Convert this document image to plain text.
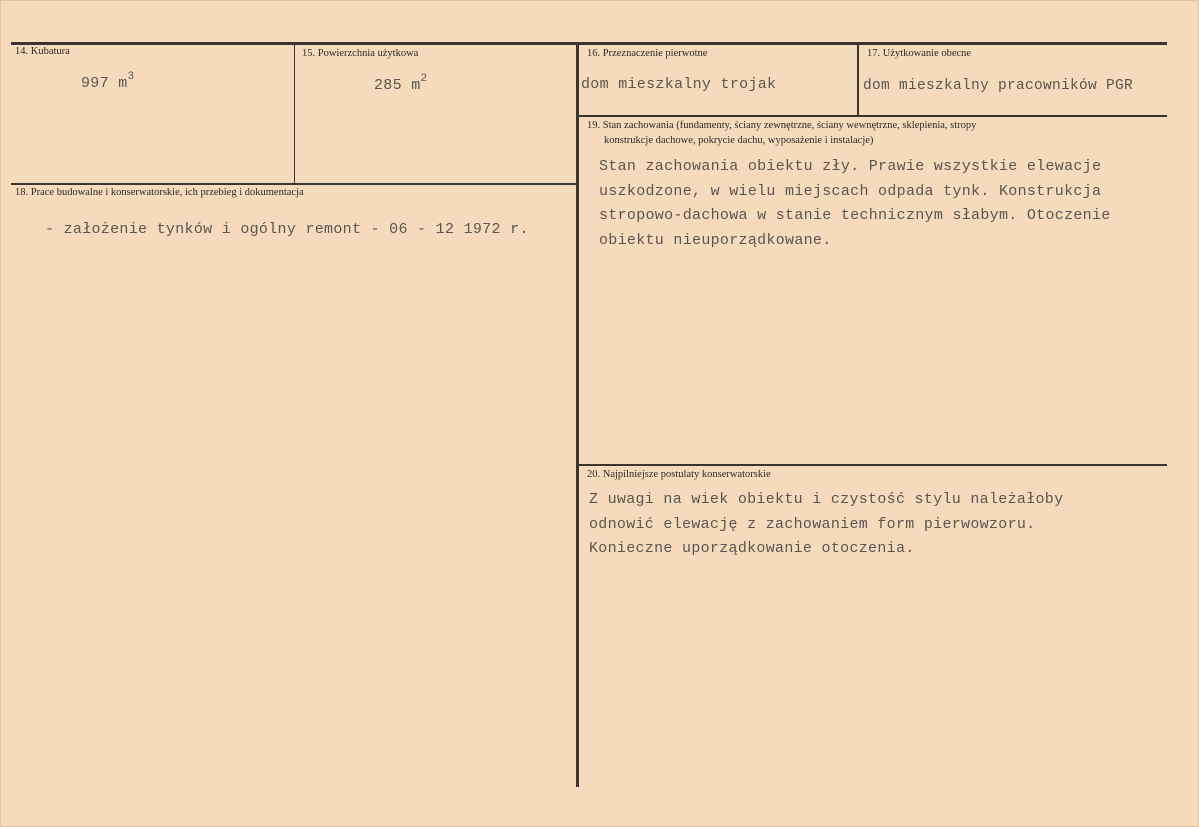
14. Kubatura
997 $m^3$
15. Powierzchnia użytkowa
285 $m^2$
16. Przeznaczenie pierwotne
dom mieszkalny trojak
17. Użytkowanie obecne
dom mieszkalny pracowników PGR
18. Prace budowalne i konserwatorskie, ich przebieg i dokumentacja
- założenie tynków i ogólny remont - 06 - 12 1972 r.
19. Stan zachowania (fundamenty, ściany zewnętrzne, ściany wewnętrzne, sklepienia, stropy
konstrukcje dachowe, pokrycie dachu, wyposażenie i instalacje)
Stan zachowania obiektu zły. Prawie wszystkie elewacje
uszkodzone, w wielu miejscach odpada tynk. Konstrukcja
stropowo-dachowa w stanie technicznym słabym. Otoczenie
obiektu nieuporządkowane.
20. Najpilniejsze postulaty konserwatorskie
Z uwagi na wiek obiektu i czystość stylu należałoby
odnowić elewację z zachowaniem form pierwowzoru.
Konieczne uporządkowanie otoczenia.
